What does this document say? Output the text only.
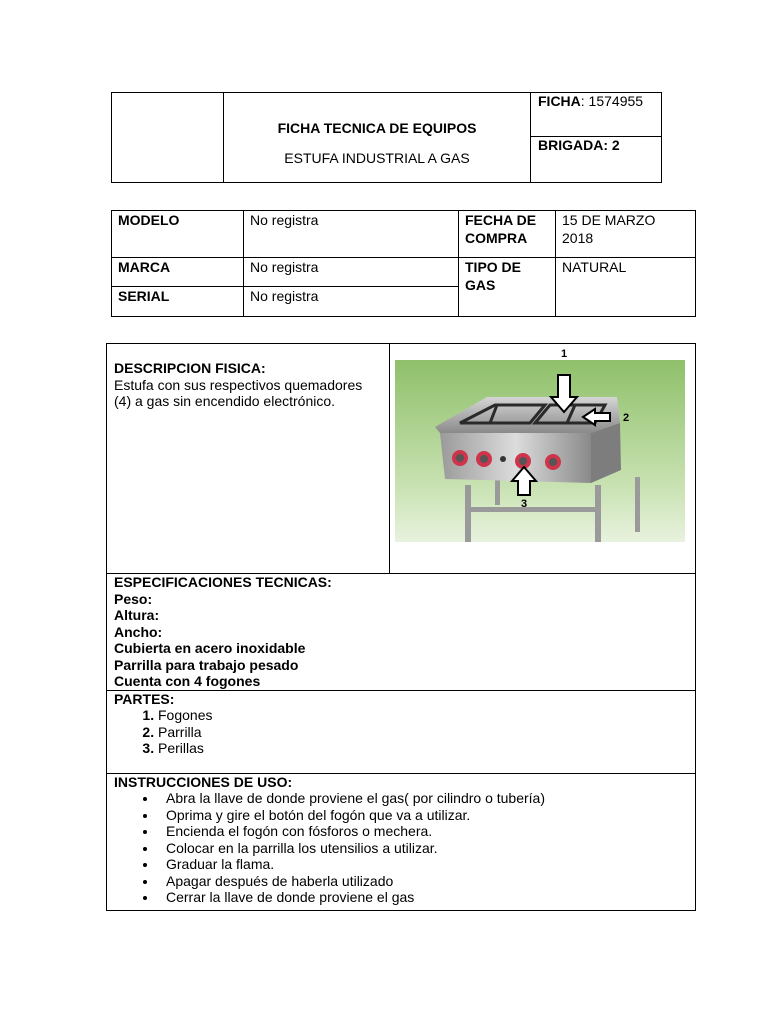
FICHA TECNICA DE EQUIPOS
ESTUFA INDUSTRIAL A GAS
	FICHA: 1574955
BRIGADA: 2
MODELO	No registra	FECHA DE COMPRA	15 DE MARZO 2018
MARCA	No registra	TIPO DE GAS	NATURAL
SERIAL	No registra		
DESCRIPCION FISICA:
Estufa con sus respectivos quemadores (4) a gas sin encendido electrónico.

1
2
3

ESPECIFICACIONES TECNICAS:
Peso:
Altura:
Ancho:
Cubierta en acero inoxidable
Parrilla para trabajo pesado
Cuenta con 4 fogones

PARTES:
1. Fogones
2. Parrilla
3. Perillas

INSTRUCCIONES DE USO:
• Abra la llave de donde proviene el gas( por cilindro o tubería)
• Oprima y gire el botón del fogón que va a utilizar.
• Encienda el fogón con fósforos o mechera.
• Colocar en la parrilla los utensilios a utilizar.
• Graduar la flama.
• Apagar después de haberla utilizado
• Cerrar la llave de donde proviene el gas
